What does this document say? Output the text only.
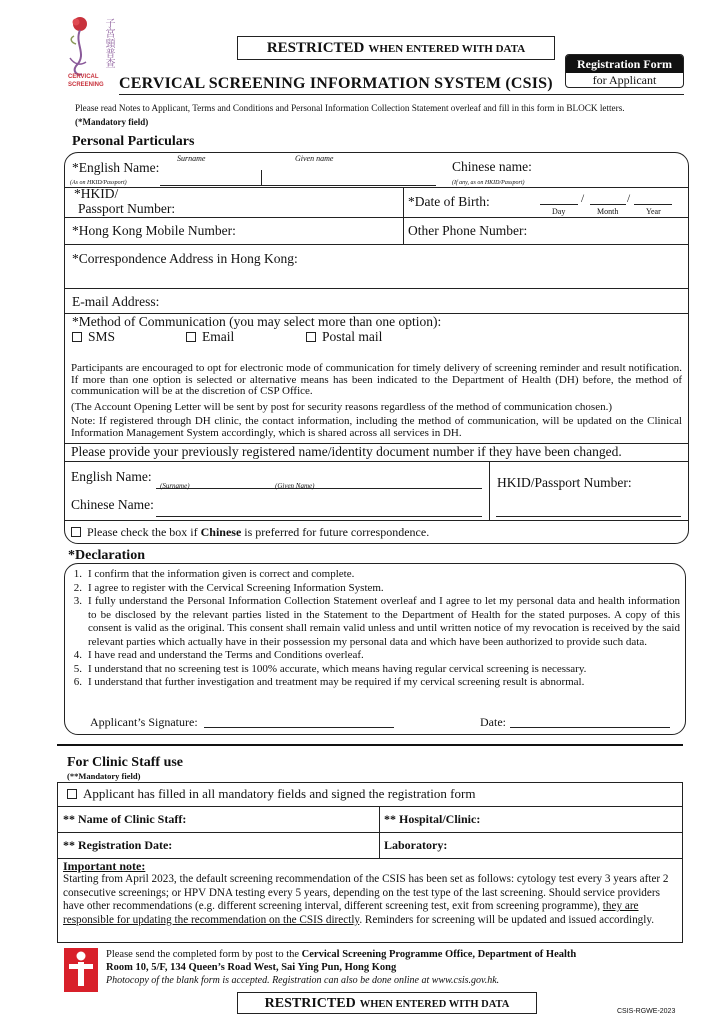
子宮頸普查
CERVICAL
SCREENING
RESTRICTED WHEN ENTERED WITH DATA
Registration Form
for Applicant
CERVICAL SCREENING INFORMATION SYSTEM (CSIS)
Please read Notes to Applicant, Terms and Conditions and Personal Information Collection Statement overleaf and fill in this form in BLOCK letters.
(*Mandatory field)
Personal Particulars
*English Name:
Surname	Given name
(As on HKID/Passport)
Chinese name:
(If any, as on HKID/Passport)
*HKID/
Passport Number:	*Date of Birth:	/	/
Day	Month	Year
*Hong Kong Mobile Number:	Other Phone Number:
*Correspondence Address in Hong Kong:
E-mail Address:
*Method of Communication (you may select more than one option):
SMS	Email	Postal mail
Participants are encouraged to opt for electronic mode of communication for timely delivery of screening reminder and result notification. If more than one option is selected or alternative means has been indicated to the Department of Health (DH) before, the method of communication will be at the discretion of CSP Office.
(The Account Opening Letter will be sent by post for security reasons regardless of the method of communication chosen.)
Note: If registered through DH clinic, the contact information, including the method of communication, will be updated on the Clinical Information Management System accordingly, which is shared across all services in DH.
Please provide your previously registered name/identity document number if they have been changed.
English Name:
(Surname)	(Given Name)
Chinese Name:
HKID/Passport Number:
Please check the box if Chinese is preferred for future correspondence.
*Declaration
1. I confirm that the information given is correct and complete.
2. I agree to register with the Cervical Screening Information System.
3. I fully understand the Personal Information Collection Statement overleaf and I agree to let my personal data and health information to be disclosed by the relevant parties listed in the Statement to the Department of Health for the stated purposes. A copy of this consent is valid as the original. This consent shall remain valid unless and until written notice of my revocation is received by the said relevant parties which actually have in their possession my personal data and which have been authorized to provide such data.
4. I have read and understand the Terms and Conditions overleaf.
5. I understand that no screening test is 100% accurate, which means having regular cervical screening is necessary.
6. I understand that further investigation and treatment may be required if my cervical screening result is abnormal.
Applicant’s Signature:	Date:
For Clinic Staff use
(**Mandatory field)
Applicant has filled in all mandatory fields and signed the registration form
** Name of Clinic Staff:	** Hospital/Clinic:
** Registration Date:	Laboratory:
Important note:
Starting from April 2023, the default screening recommendation of the CSIS has been set as follows: cytology test every 3 years after 2 consecutive screenings; or HPV DNA testing every 5 years, depending on the test type of the last screening. Should service providers have other recommendations (e.g. different screening interval, different screening test, exit from screening programme), they are responsible for updating the recommendation on the CSIS directly. Reminders for screening will be updated and issued accordingly.
Please send the completed form by post to the Cervical Screening Programme Office, Department of Health
Room 10, 5/F, 134 Queen’s Road West, Sai Ying Pun, Hong Kong
Photocopy of the blank form is accepted. Registration can also be done online at www.csis.gov.hk.
RESTRICTED WHEN ENTERED WITH DATA
CSIS-RGWE-2023
